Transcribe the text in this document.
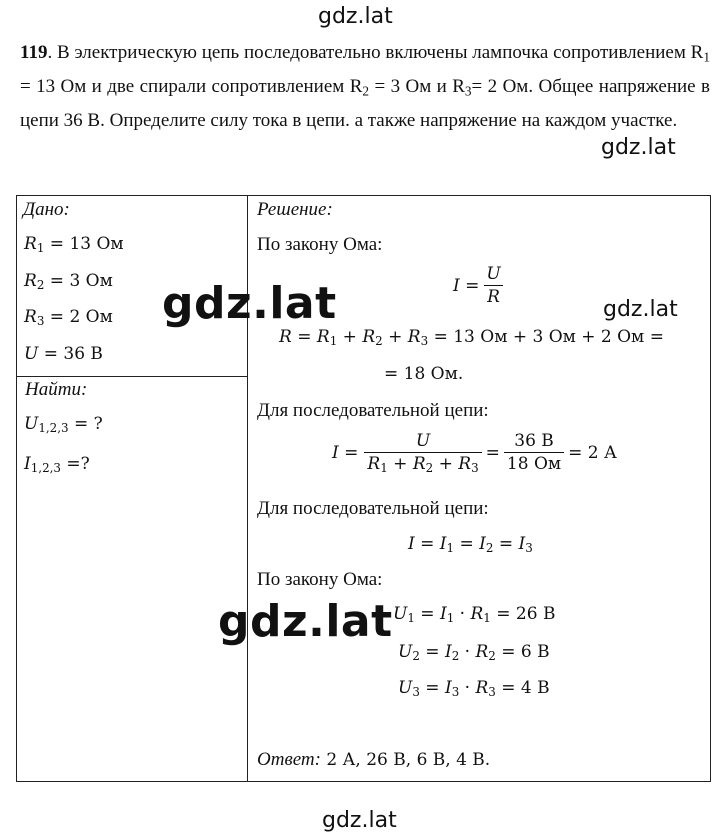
gdz.lat
gdz.lat
gdz.lat
gdz.lat
119. В электрическую цепь последовательно включены лампочка сопротивлением $R_1 = 13$ Ом и две спирали сопротивлением $R_2 = 3$ Ом и $R_3= 2$ Ом. Общее напряжение в цепи 36 В. Определите силу тока в цепи. а также напряжение на каждом участке.
Дано:
$R_1 = 13$ Ом
$R_2 = 3$ Ом
$R_3 = 2$ Ом
U = 36 В
Найти:
$U_{1,2,3}$ = ?
$I_{1,2,3}$ =?
Решение:
По закону Ома:
$I = \frac{U}{R}$
$R = R_1 + R_2 + R_3 = 13$ Ом + 3 Ом + 2 Ом =
= 18 Ом.
Для последовательной цепи:
$I = \frac{U}{R_1 + R_2 + R_3} = \frac{36 В}{18 Ом} = 2$ А
Для последовательной цепи:
$I = I_1 = I_2 = I_3$
По закону Ома:
$U_1 = I_1 \cdot R_1 = 26$ В
$U_2 = I_2 \cdot R_2 = 6$ В
$U_3 = I_3 \cdot R_3 = 4$ В
Ответ: 2 А, 26 В, 6 В, 4 В.
gdz.lat
gdz.lat
